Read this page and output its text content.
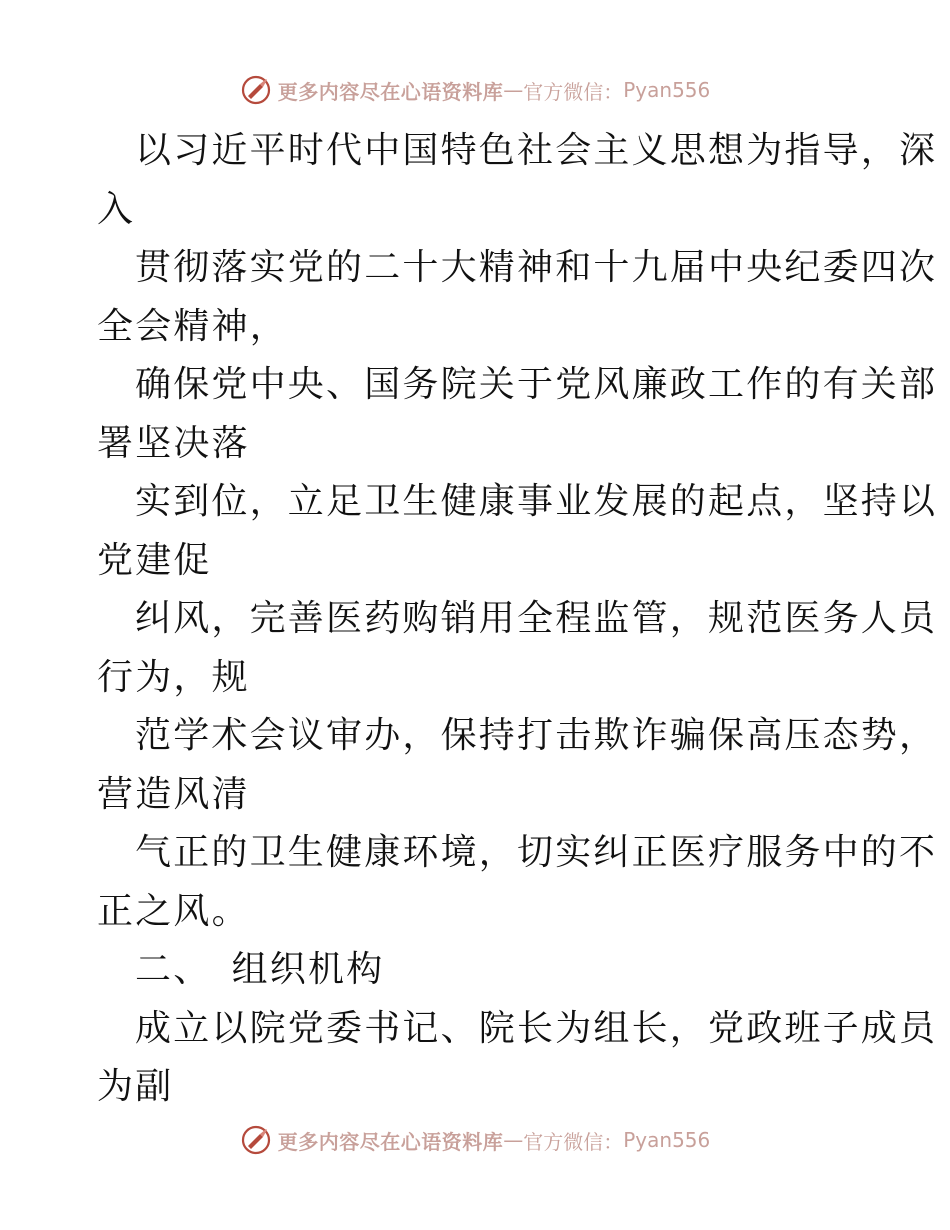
更多内容尽在心语资料库 — 官方微信： Pyan556
以习近平时代中国特色社会主义思想为指导，深
入
贯彻落实党的二十大精神和十九届中央纪委四次
全会精神，
确保党中央、国务院关于党风廉政工作的有关部
署坚决落
实到位，立足卫生健康事业发展的起点，坚持以
党建促
纠风，完善医药购销用全程监管，规范医务人员
行为，规
范学术会议审办，保持打击欺诈骗保高压态势，
营造风清
气正的卫生健康环境，切实纠正医疗服务中的不
正之风。
二、　组织机构
成立以院党委书记、院长为组长，党政班子成员
为副
更多内容尽在心语资料库 — 官方微信： Pyan556
